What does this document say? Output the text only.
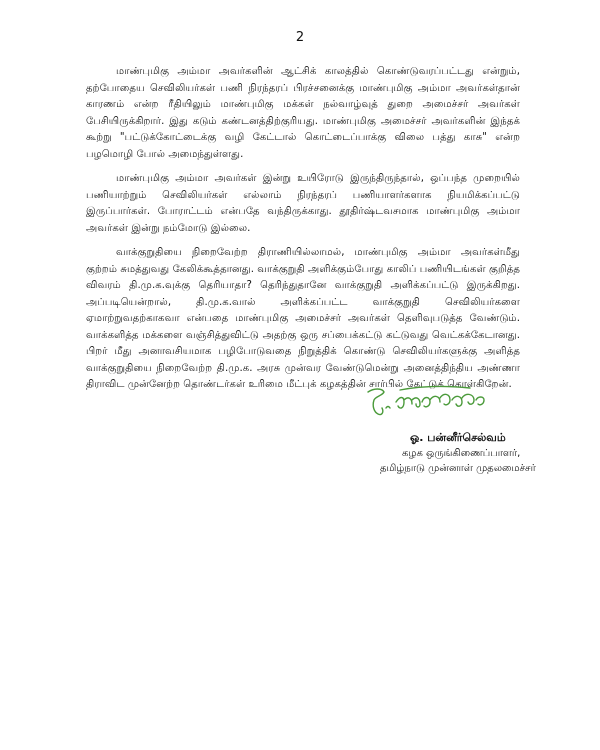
2

மாண்புமிகு அம்மா அவர்களின் ஆட்சிக் காலத்தில் கொண்டுவரப்பட்டது என்றும், தற்போதைய செவிலியர்கள் பணி நிரந்தரப் பிரச்சனைக்கு மாண்புமிகு அம்மா அவர்கள்தான் காரணம் என்ற ரீதியிலும் மாண்புமிகு மக்கள் நல்வாழ்வுத் துறை அமைச்சர் அவர்கள் பேசியிருக்கிறார். இது கடும் கண்டனத்திற்குரியது. மாண்புமிகு அமைச்சர் அவர்களின் இந்தக் கூற்று "பட்டுக்கோட்டைக்கு வழி கேட்டால் கொட்டைப்பாக்கு விலை பத்து காசு" என்ற பழமொழி போல் அமைந்துள்ளது.

மாண்புமிகு அம்மா அவர்கள் இன்று உயிரோடு இருந்திருந்தால், ஒப்பந்த முறையில் பணியாற்றும் செவிலியர்கள் எல்லாம் நிரந்தரப் பணியாளர்களாக நியமிக்கப்பட்டு இருப்பார்கள். போராட்டம் என்பதே வந்திருக்காது. தூதிர்ஷ்டவசமாக மாண்புமிகு அம்மா அவர்கள் இன்று நம்மோடு இல்லை.

வாக்குறுதியை நிறைவேற்ற திராணியில்லாமல், மாண்புமிகு அம்மா அவர்கள்மீது குற்றம் சுமத்துவது கேலிக்கூத்தானது. வாக்குறுதி அளிக்கும்போது காலிப் பணியிடங்கள் குறித்த விவரம் தி.மு.க.வுக்கு தெரியாதா? தெரிந்துதானே வாக்குறுதி அளிக்கப்பட்டு இருக்கிறது. அப்படியென்றால், தி.மு.க.வால் அளிக்கப்பட்ட வாக்குறுதி செவிலியர்களை ஏமாற்றுவதற்காகவா என்பதை மாண்புமிகு அமைச்சர் அவர்கள் தெளிவுபடுத்த வேண்டும். வாக்களித்த மக்களை வஞ்சித்துவிட்டு அதற்கு ஒரு சப்பைக்கட்டு கட்டுவது வெட்கக்கேடானது. பிறர் மீது அனாவசியமாக பழிபோடுவதை நிறுத்திக் கொண்டு செவிலியர்களுக்கு அளித்த வாக்குறுதியை நிறைவேற்ற தி.மு.க. அரசு முன்வர வேண்டுமென்று அனைத்திந்திய அண்ணா திராவிட முன்னேற்ற தொண்டர்கள் உரிமை மீட்புக் கழகத்தின் சார்பில் கேட்டுக் கொள்கிறேன்.

ஓ. பன்னீர்செல்வம்
கழக ஒருங்கிணைப்பாளர்,
தமிழ்நாடு முன்னாள் முதலமைச்சர்
